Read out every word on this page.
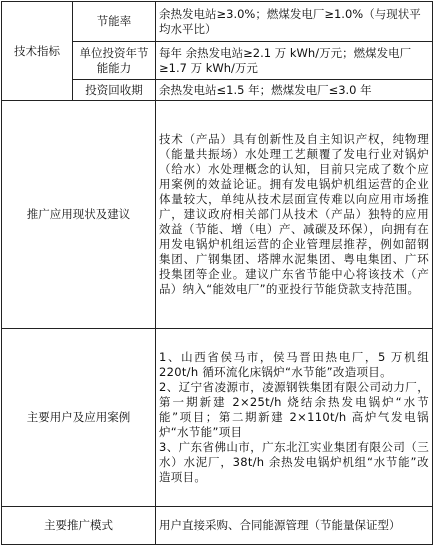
技术指标	节能率	余热发电站≥3.0%；燃煤发电厂≥1.0%（与现状平均水平比）
	单位投资年节能能力	每年 余热发电站≥2.1 万 kWh/万元；燃煤发电厂≥1.7 万 kWh/万元
	投资回收期	余热发电站≤1.5 年；燃煤发电厂≤3.0 年
推广应用现状及建议		技术（产品）具有创新性及自主知识产权，纯物理（能量共振场）水处理工艺颠覆了发电行业对锅炉（给水）水处理概念的认知，目前只完成了数个应用案例的效益论证。拥有发电锅炉机组运营的企业体量较大，单纯从技术层面宣传难以向应用市场推广，建议政府相关部门从技术（产品）独特的应用效益（节能、增（电）产、减碳及环保），向拥有在用发电锅炉机组运营的企业管理层推荐，例如韶钢集团、广钢集团、塔牌水泥集团、粤电集团、广环投集团等企业。建议广东省节能中心将该技术（产品）纳入“能效电厂”的亚投行节能贷款支持范围。
主要用户及应用案例		1、山西省侯马市，侯马晋田热电厂，5 万机组 220t/h 循环流化床锅炉“水节能”改造项目。
2、辽宁省凌源市，凌源钢铁集团有限公司动力厂，第一期新建 2×25t/h 烧结余热发电锅炉“水节能”项目；第二期新建 2×110t/h 高炉气发电锅炉“水节能”项目
3、广东省佛山市，广东北江实业集团有限公司（三水）水泥厂，38t/h 余热发电锅炉机组“水节能”改造项目。

主要推广模式		用户直接采购、合同能源管理（节能量保证型）
